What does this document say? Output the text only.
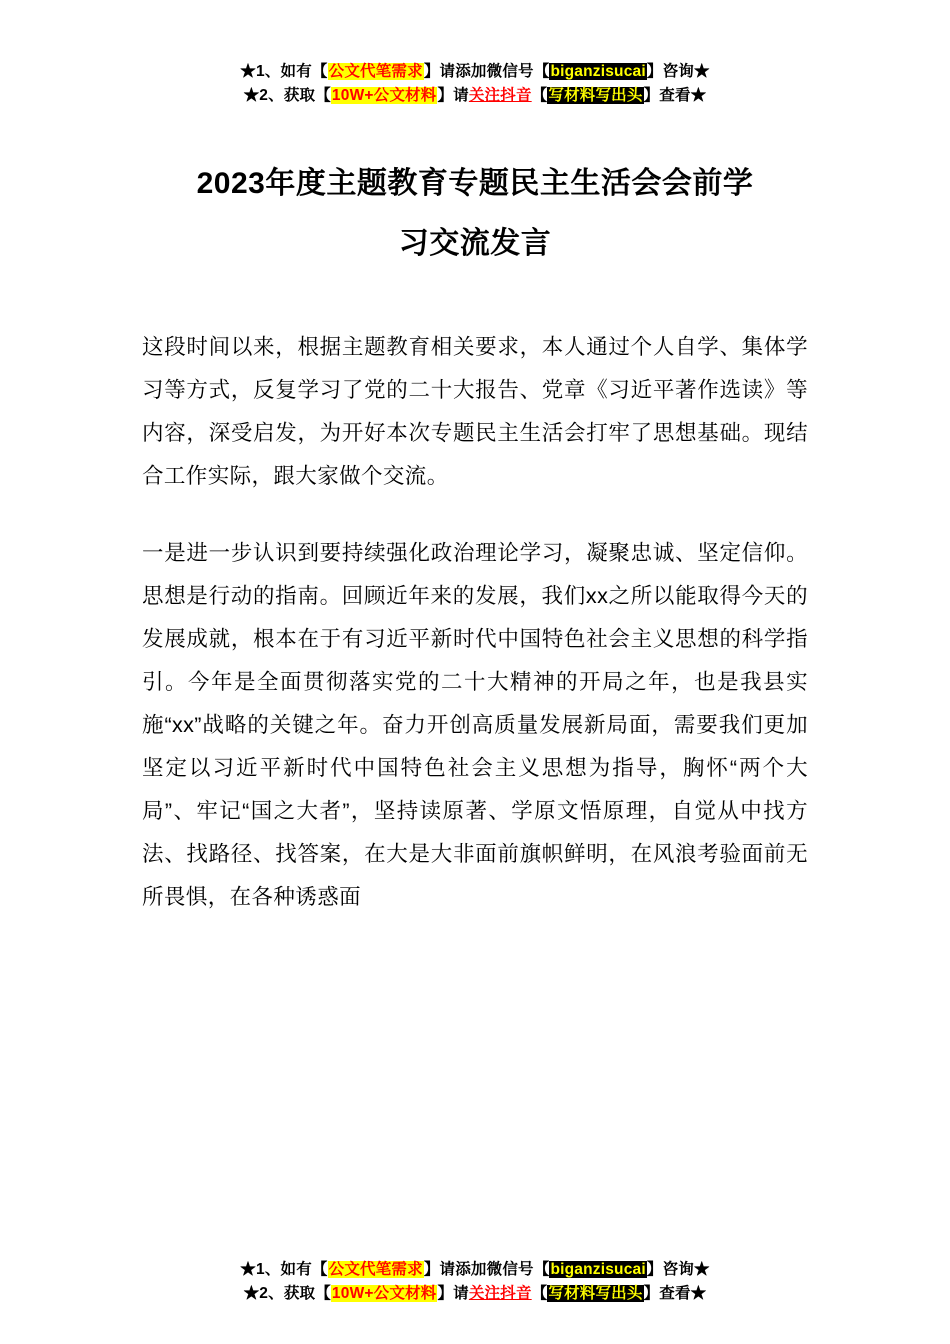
★1、如有【公文代笔需求】请添加微信号【biganzisucai】咨询★
★2、获取【10W+公文材料】请关注抖音【写材料写出头】查看★
2023年度主题教育专题民主生活会会前学
习交流发言

这段时间以来，根据主题教育相关要求，本人通过个人自学、集体学习等方式，反复学习了党的二十大报告、党章《习近平著作选读》等内容，深受启发，为开好本次专题民主生活会打牢了思想基础。现结合工作实际，跟大家做个交流。

一是进一步认识到要持续强化政治理论学习，凝聚忠诚、坚定信仰。思想是行动的指南。回顾近年来的发展，我们xx之所以能取得今天的发展成就，根本在于有习近平新时代中国特色社会主义思想的科学指引。今年是全面贯彻落实党的二十大精神的开局之年，也是我县实施“xx”战略的关键之年。奋力开创高质量发展新局面，需要我们更加坚定以习近平新时代中国特色社会主义思想为指导，胸怀“两个大局”、牢记“国之大者”，坚持读原著、学原文悟原理，自觉从中找方法、找路径、找答案，在大是大非面前旗帜鲜明，在风浪考验面前无所畏惧，在各种诱惑面

★1、如有【公文代笔需求】请添加微信号【biganzisucai】咨询★
★2、获取【10W+公文材料】请关注抖音【写材料写出头】查看★
